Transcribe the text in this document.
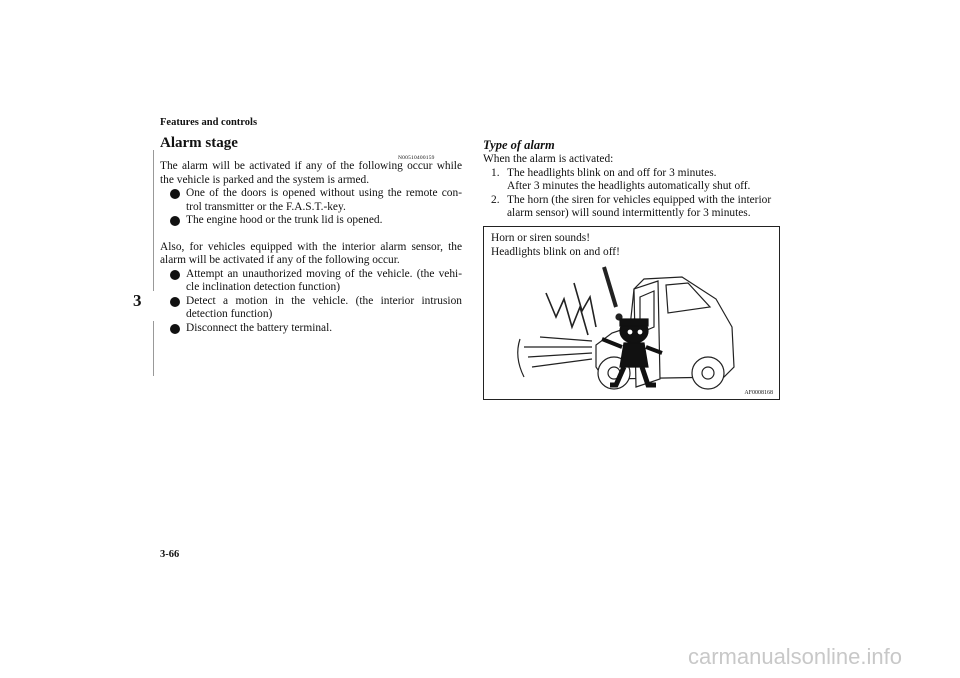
Features and controls
3
Alarm stage
N00510400159

The alarm will be activated if any of the following occur while the vehicle is parked and the system is armed.

One of the doors is opened without using the remote con-trol transmitter or the F.A.S.T.-key.
The engine hood or the trunk lid is opened.

Also, for vehicles equipped with the interior alarm sensor, the alarm will be activated if any of the following occur.

Attempt an unauthorized moving of the vehicle. (the vehi-cle inclination detection function)
Detect a motion in the vehicle. (the interior intrusion detection function)
Disconnect the battery terminal.
Type of alarm

When the alarm is activated:

1. The headlights blink on and off for 3 minutes.
After 3 minutes the headlights automatically shut off.
2. The horn (the siren for vehicles equipped with the interior alarm sensor) will sound intermittently for 3 minutes.
Horn or siren sounds!
Headlights blink on and off!
AF0008168
3-66
carmanualsonline.info
